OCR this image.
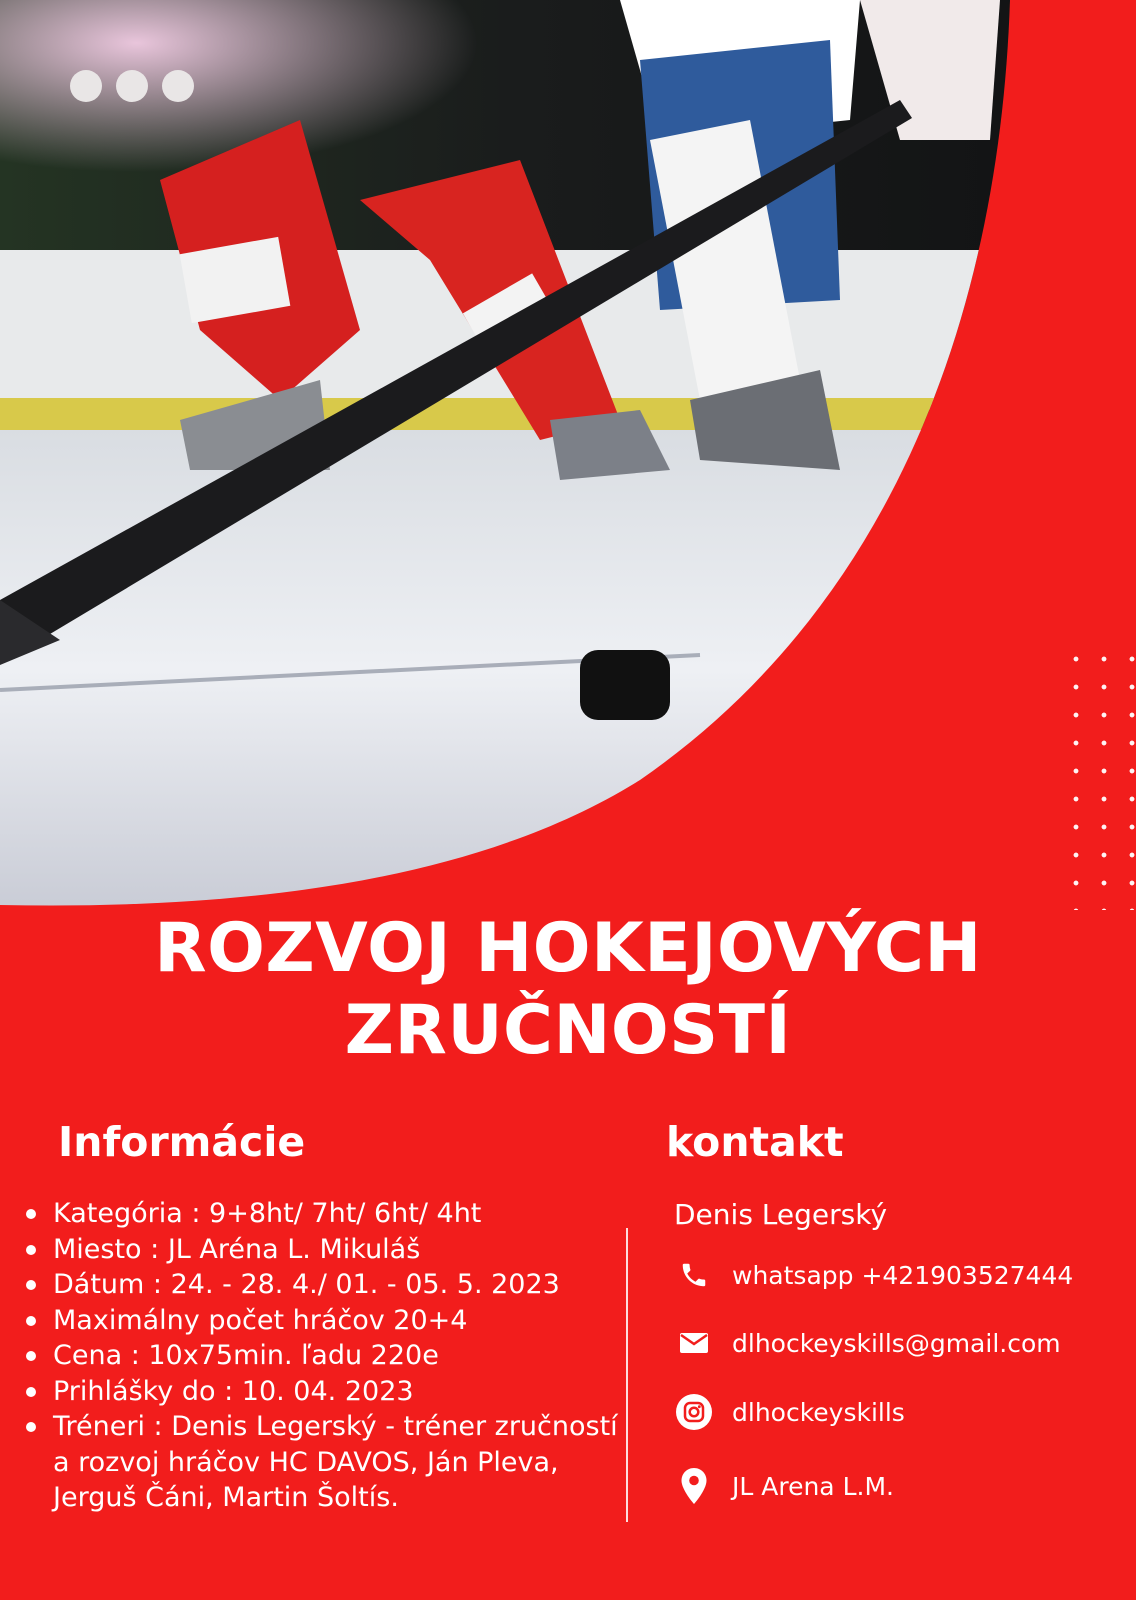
ROZVOJ HOKEJOVÝCH
ZRUČNOSTÍ
Informácie	kontakt
Kategória : 9+8ht/ 7ht/ 6ht/ 4ht
Miesto : JL Aréna L. Mikuláš
Dátum : 24. - 28. 4./ 01. - 05. 5. 2023
Maximálny počet hráčov 20+4
Cena : 10x75min. ľadu 220e
Prihlášky do : 10. 04. 2023
Tréneri : Denis Legerský - tréner zručností a rozvoj hráčov HC DAVOS, Ján Pleva, Jerguš Čáni, Martin Šoltís.
Denis Legerský
whatsapp +421903527444
dlhockeyskills@gmail.com
dlhockeyskills
JL Arena L.M.
